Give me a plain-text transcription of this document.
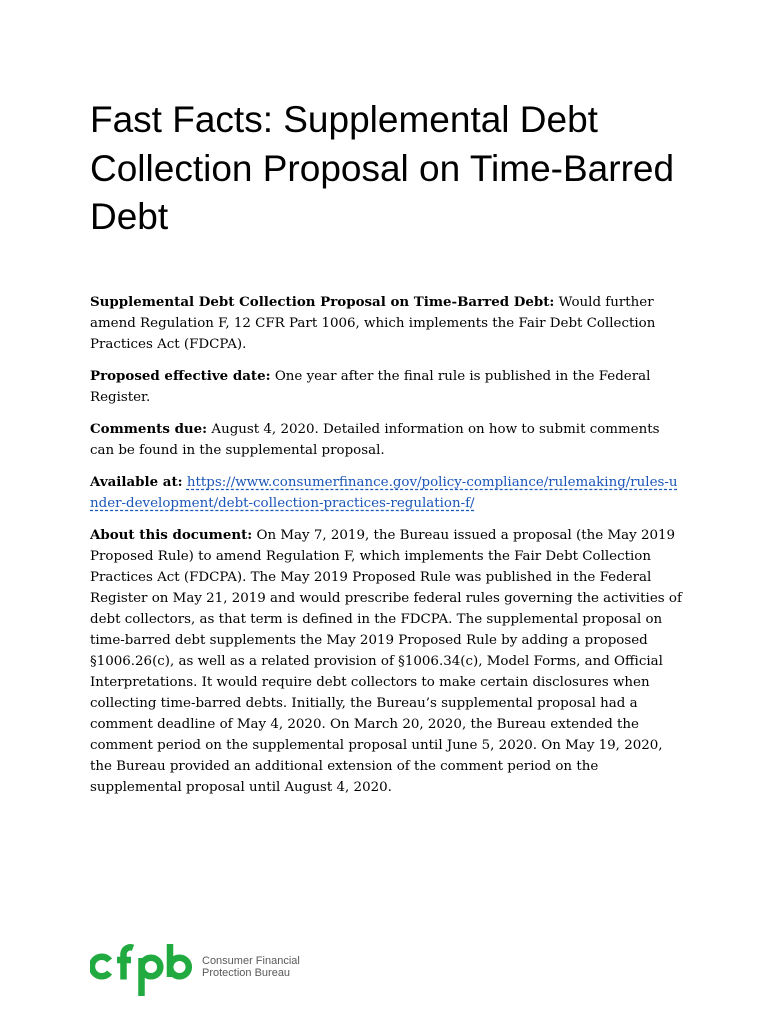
Fast Facts: Supplemental Debt Collection Proposal on Time-Barred Debt

Supplemental Debt Collection Proposal on Time-Barred Debt: Would further amend Regulation F, 12 CFR Part 1006, which implements the Fair Debt Collection Practices Act (FDCPA).

Proposed effective date: One year after the final rule is published in the Federal Register.

Comments due: August 4, 2020. Detailed information on how to submit comments can be found in the supplemental proposal.

Available at: https://www.consumerfinance.gov/policy-compliance/rulemaking/rules-under-development/debt-collection-practices-regulation-f/

About this document: On May 7, 2019, the Bureau issued a proposal (the May 2019 Proposed Rule) to amend Regulation F, which implements the Fair Debt Collection Practices Act (FDCPA). The May 2019 Proposed Rule was published in the Federal Register on May 21, 2019 and would prescribe federal rules governing the activities of debt collectors, as that term is defined in the FDCPA. The supplemental proposal on time-barred debt supplements the May 2019 Proposed Rule by adding a proposed §1006.26(c), as well as a related provision of §1006.34(c), Model Forms, and Official Interpretations. It would require debt collectors to make certain disclosures when collecting time-barred debts. Initially, the Bureau’s supplemental proposal had a comment deadline of May 4, 2020. On March 20, 2020, the Bureau extended the comment period on the supplemental proposal until June 5, 2020. On May 19, 2020, the Bureau provided an additional extension of the comment period on the supplemental proposal until August 4, 2020.

Consumer Financial
Protection Bureau
